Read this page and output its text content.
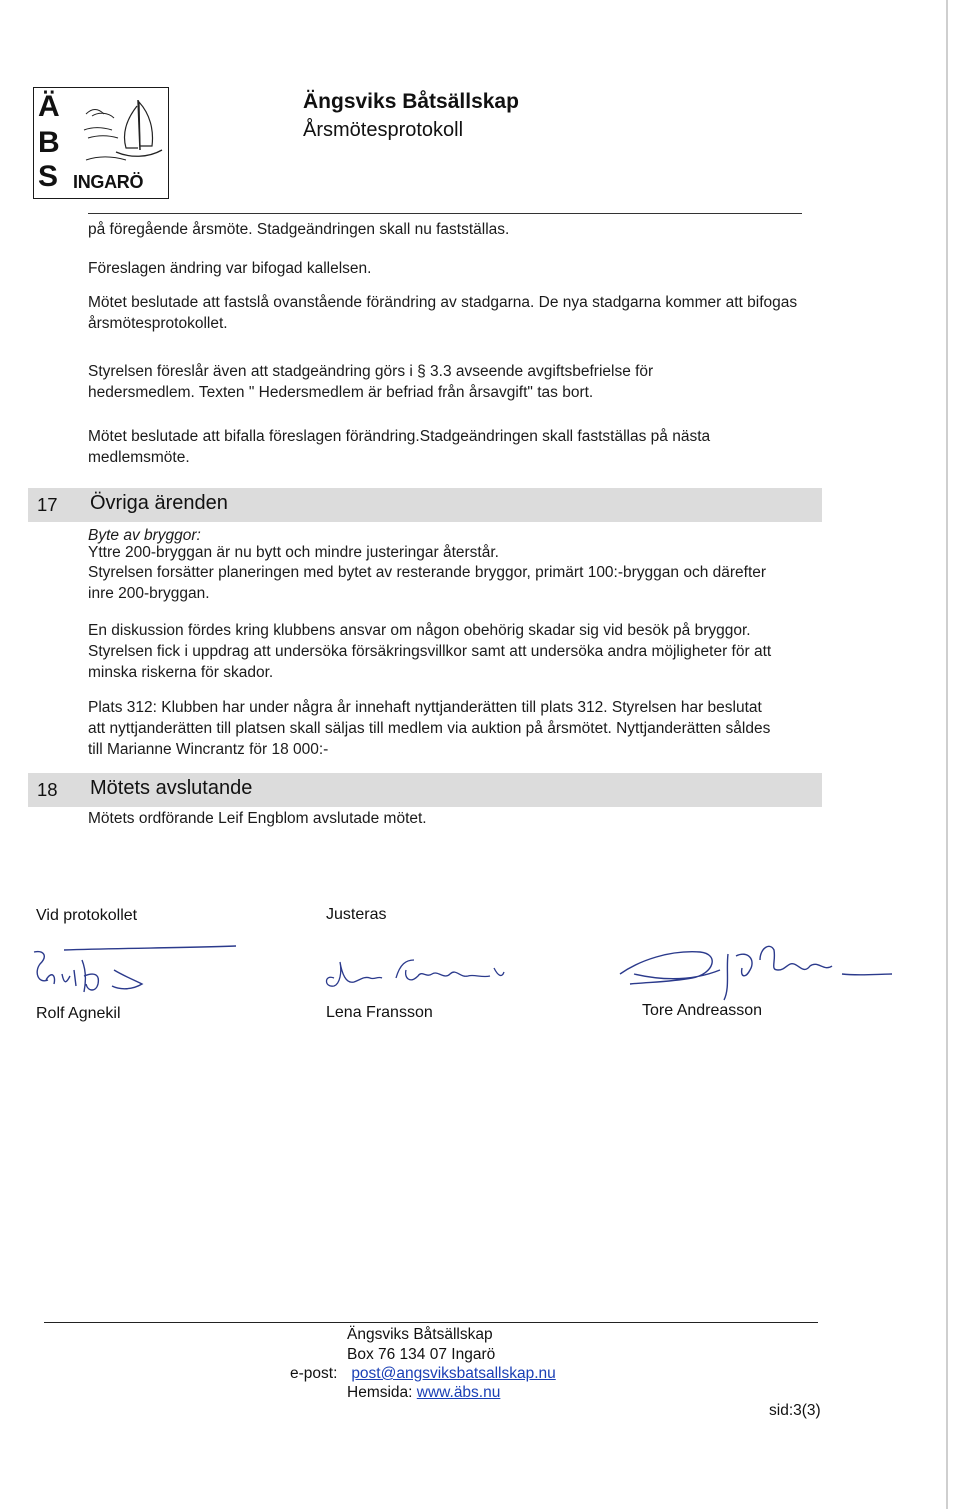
Ä
B
S INGARÖ
Ängsviks Båtsällskap
Årsmötesprotokoll

på föregående årsmöte. Stadgeändringen skall nu fastställas.

Föreslagen ändring var bifogad kallelsen.

Mötet beslutade att fastslå ovanstående förändring av stadgarna. De nya stadgarna kommer att bifogas årsmötesprotokollet.

Styrelsen föreslår även att stadgeändring görs i § 3.3 avseende avgiftsbefrielse för hedersmedlem. Texten " Hedersmedlem är befriad från årsavgift" tas bort.

Mötet beslutade att bifalla föreslagen förändring.Stadgeändringen skall fastställas på nästa medlemsmöte.

17 Övriga ärenden

Byte av bryggor:

Yttre 200-bryggan är nu bytt och mindre justeringar återstår.

Styrelsen forsätter planeringen med bytet av resterande bryggor, primärt 100:-bryggan och därefter inre 200-bryggan.

En diskussion fördes kring klubbens ansvar om någon obehörig skadar sig vid besök på bryggor. Styrelsen fick i uppdrag att undersöka försäkringsvillkor samt att undersöka andra möjligheter för att minska riskerna för skador.

Plats 312: Klubben har under några år innehaft nyttjanderätten till plats 312. Styrelsen har beslutat att nyttjanderätten till platsen skall säljas till medlem via auktion på årsmötet. Nyttjanderätten såldes till Marianne Wincrantz för 18 000:-

18 Mötets avslutande

Mötets ordförande Leif Engblom avslutade mötet.

Vid protokollet	Justeras
Rolf Agnekil	Lena Fransson	Tore Andreasson
Ängsviks Båtsällskap
Box 76 134 07 Ingarö
e-post: post@angsviksbatsallskap.nu
Hemsida: www.äbs.nu
sid:3(3)
